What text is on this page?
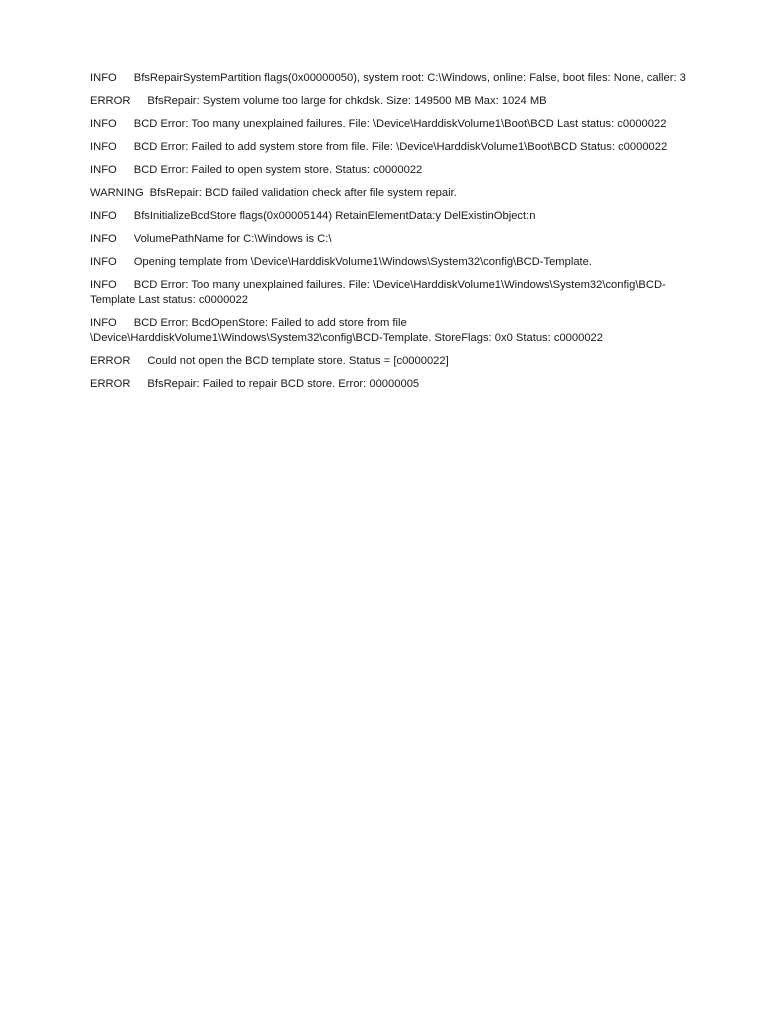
INFO BfsRepairSystemPartition flags(0x00000050), system root: C:\Windows, online: False, boot files: None, caller: 3
ERROR BfsRepair: System volume too large for chkdsk. Size: 149500 MB Max: 1024 MB
INFO BCD Error: Too many unexplained failures. File: \Device\HarddiskVolume1\Boot\BCD Last status: c0000022
INFO BCD Error: Failed to add system store from file. File: \Device\HarddiskVolume1\Boot\BCD Status: c0000022
INFO BCD Error: Failed to open system store. Status: c0000022
WARNING BfsRepair: BCD failed validation check after file system repair.
INFO BfsInitializeBcdStore flags(0x00005144) RetainElementData:y DelExistinObject:n
INFO VolumePathName for C:\Windows is C:\
INFO Opening template from \Device\HarddiskVolume1\Windows\System32\config\BCD-Template.
INFO BCD Error: Too many unexplained failures. File: \Device\HarddiskVolume1\Windows\System32\config\BCD-Template Last status: c0000022
INFO BCD Error: BcdOpenStore: Failed to add store from file \Device\HarddiskVolume1\Windows\System32\config\BCD-Template. StoreFlags: 0x0 Status: c0000022
ERROR Could not open the BCD template store. Status = [c0000022]
ERROR BfsRepair: Failed to repair BCD store. Error: 00000005
